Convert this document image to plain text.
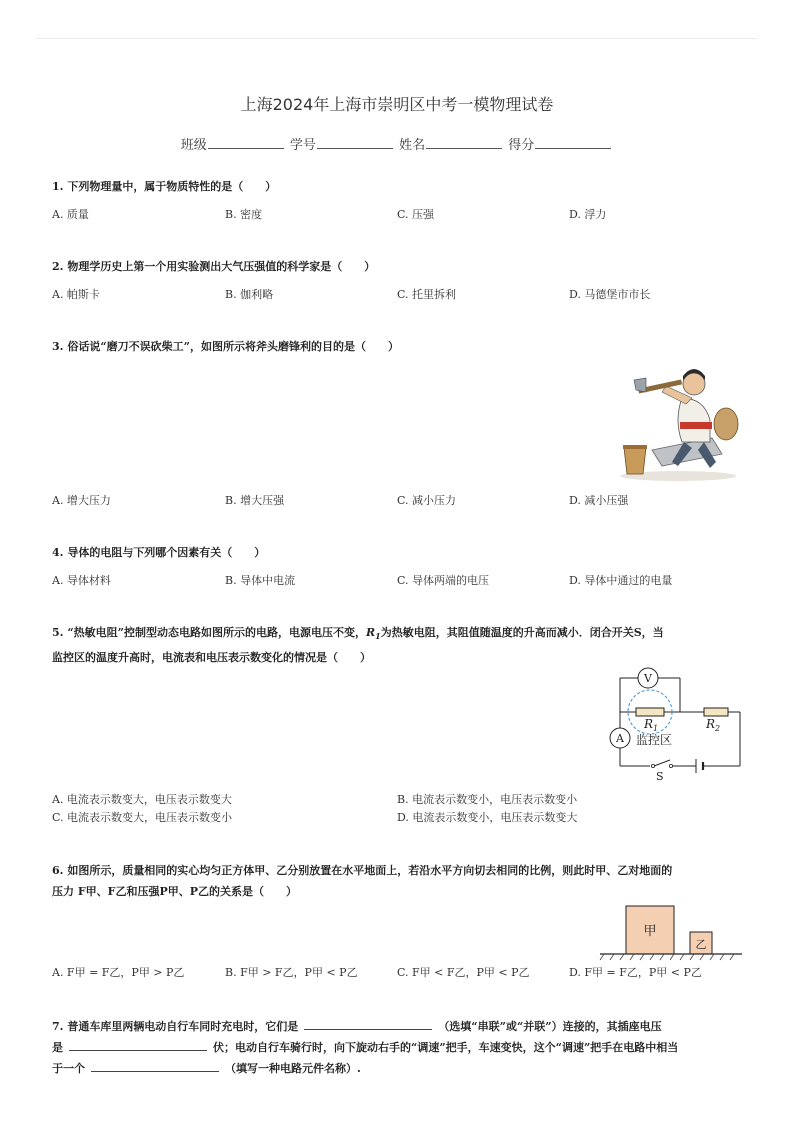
上海2024年上海市崇明区中考一模物理试卷
班级	学号	姓名	得分
1. 下列物理量中，属于物质特性的是（　　）
A. 质量	B. 密度	C. 压强	D. 浮力
2. 物理学历史上第一个用实验测出大气压强值的科学家是（　　）
A. 帕斯卡	B. 伽利略	C. 托里拆利	D. 马德堡市市长
3. 俗话说“磨刀不误砍柴工”，如图所示将斧头磨锋利的目的是（　　）
A. 增大压力	B. 增大压强	C. 减小压力	D. 减小压强
4. 导体的电阻与下列哪个因素有关（　　）
A. 导体材料	B. 导体中电流	C. 导体两端的电压	D. 导体中通过的电量
5. “热敏电阻”控制型动态电路如图所示的电路，电源电压不变，$R_1$为热敏电阻，其阻值随温度的升高而减小．闭合开关S，当
监控区的温度升高时，电流表和电压表示数变化的情况是（　　）
V
A
$R_1$	$R_2$
监控区
S
A. 电流表示数变大，电压表示数变大	B. 电流表示数变小，电压表示数变小
C. 电流表示数变大，电压表示数变小	D. 电流表示数变小，电压表示数变大
6. 如图所示，质量相同的实心均匀正方体甲、乙分别放置在水平地面上，若沿水平方向切去相同的比例，则此时甲、乙对地面的
压力 F甲、F乙和压强P甲、P乙的关系是（　　）
甲
乙
A. F甲 = F乙，P甲 > P乙	B. F甲 > F乙，P甲 < P乙	C. F甲 < F乙，P甲 < P乙	D. F甲 = F乙，P甲 < P乙
7. 普通车库里两辆电动自行车同时充电时，它们是	（选填“串联”或“并联”）连接的，其插座电压
是	伏；电动自行车骑行时，向下旋动右手的“调速”把手，车速变快，这个“调速”把手在电路中相当
于一个	（填写一种电路元件名称）.
